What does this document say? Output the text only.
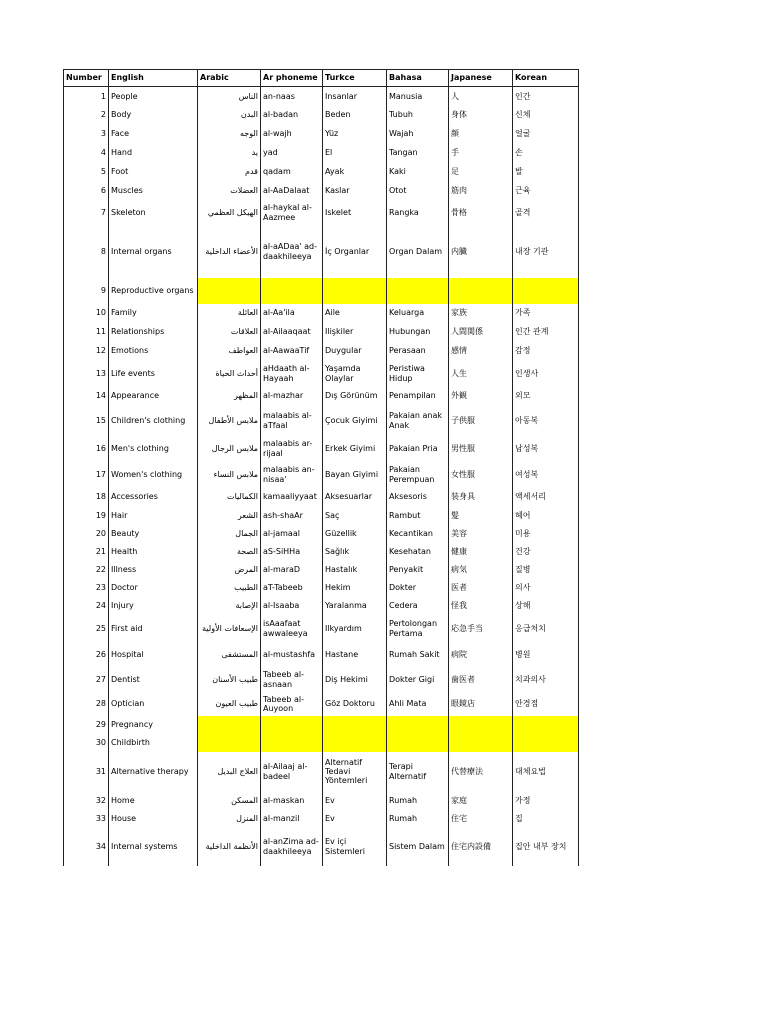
Number	English	Arabic	Ar phoneme	Turkce	Bahasa	Japanese	Korean
1	People	الناس	an-naas	Insanlar	Manusia	人	인간
2	Body	البدن	al-badan	Beden	Tubuh	身体	신체
3	Face	الوجه	al-wajh	Yüz	Wajah	顔	얼굴
4	Hand	يد	yad	El	Tangan	手	손
5	Foot	قدم	qadam	Ayak	Kaki	足	발
6	Muscles	العضلات	al-AaDalaat	Kaslar	Otot	筋肉	근육
7	Skeleton	الهيكل العظمي	al-haykal al-Aazmee	Iskelet	Rangka	骨格	골격
8	Internal organs	الأعضاء الداخلية	al-aADaa' ad-daakhileeya	İç Organlar	Organ Dalam	内臓	내장 기관
9	Reproductive organs						
10	Family	العائلة	al-Aa'ila	Aile	Keluarga	家族	가족
11	Relationships	العلاقات	al-Ailaaqaat	Ilişkiler	Hubungan	人間関係	인간 관계
12	Emotions	العواطف	al-AawaaTif	Duygular	Perasaan	感情	감정
13	Life events	أحداث الحياة	aHdaath al-Hayaah	Yaşamda Olaylar	Peristiwa Hidup	人生	인생사
14	Appearance	المظهر	al-mazhar	Dış Görünüm	Penampilan	外観	외모
15	Children's clothing	ملابس الأطفال	malaabis al-aTfaal	Çocuk Giyimi	Pakaian anak Anak	子供服	아동복
16	Men's clothing	ملابس الرجال	malaabis ar-rijaal	Erkek Giyimi	Pakaian Pria	男性服	남성복
17	Women's clothing	ملابس النساء	malaabis an-nisaa'	Bayan Giyimi	Pakaian Perempuan	女性服	여성복
18	Accessories	الكماليات	kamaaliyyaat	Aksesuarlar	Aksesoris	装身具	액세서리
19	Hair	الشعر	ash-shaAr	Saç	Rambut	髪	헤어
20	Beauty	الجمال	al-jamaal	Güzellik	Kecantikan	美容	미용
21	Health	الصحة	aS-SiHHa	Sağlık	Kesehatan	健康	건강
22	Illness	المرض	al-maraD	Hastalık	Penyakit	病気	질병
23	Doctor	الطبيب	aT-Tabeeb	Hekim	Dokter	医者	의사
24	Injury	الإصابة	al-Isaaba	Yaralanma	Cedera	怪我	상해
25	First aid	الإسعافات الأولية	isAaafaat awwaleeya	Ilkyardım	Pertolongan Pertama	応急手当	응급처치
26	Hospital	المستشفى	al-mustashfa	Hastane	Rumah Sakit	病院	병원
27	Dentist	طبيب الأسنان	Tabeeb al-asnaan	Diş Hekimi	Dokter Gigi	歯医者	치과의사
28	Optician	طبيب العيون	Tabeeb al-Auyoon	Göz Doktoru	Ahli Mata	眼鏡店	안경점
29	Pregnancy						
30	Childbirth						
31	Alternative therapy	العلاج البديل	al-Ailaaj al-badeel	Alternatif Tedavi Yöntemleri	Terapi Alternatif	代替療法	대체요법
32	Home	المسكن	al-maskan	Ev	Rumah	家庭	가정
33	House	المنزل	al-manzil	Ev	Rumah	住宅	집
34	Internal systems	الأنظمة الداخلية	al-anZima ad-daakhileeya	Ev içi Sistemleri	Sistem Dalam	住宅内設備	집안 내부 장치
